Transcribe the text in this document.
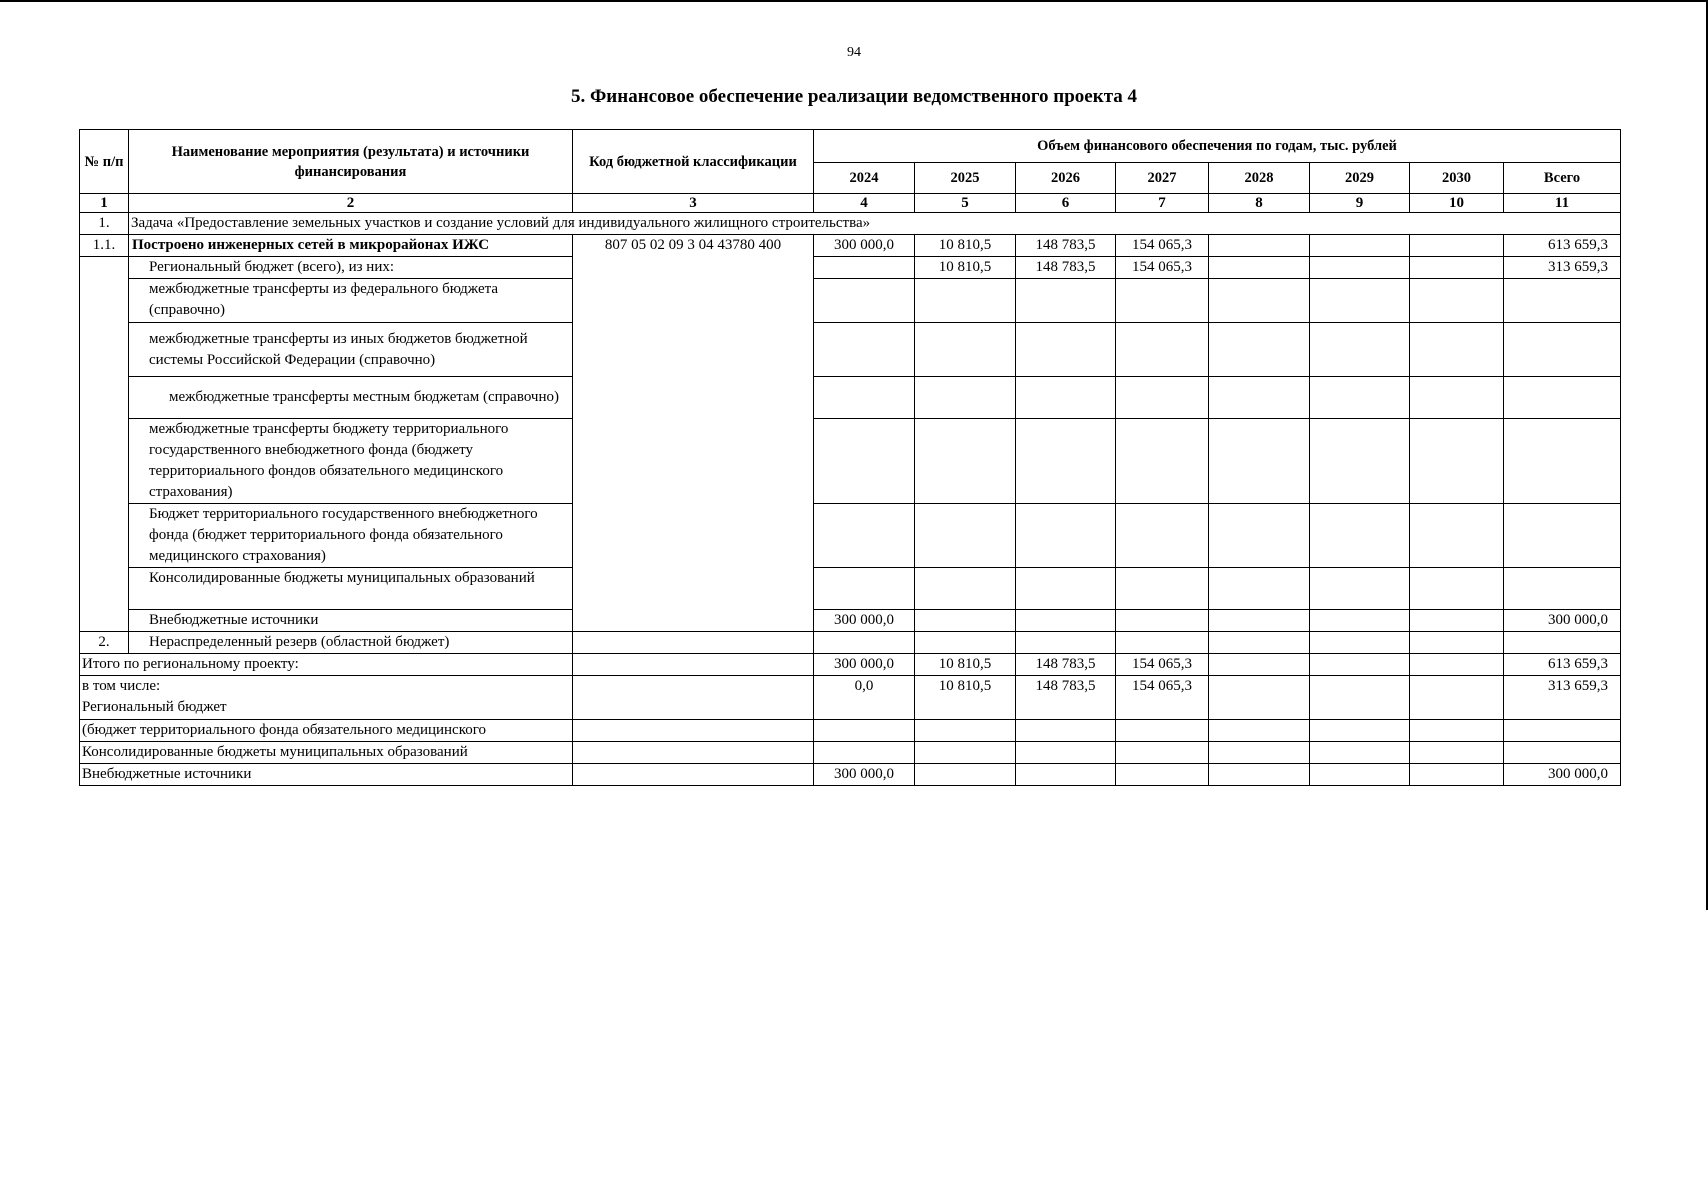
94
5. Финансовое обеспечение реализации ведомственного проекта 4
№ п/п	Наименование мероприятия (результата) и источники финансирования	Код бюджетной классификации	Объем финансового обеспечения по годам, тыс. рублей							
			2024	2025	2026	2027	2028	2029	2030	Всего
1	2	3	4	5	6	7	8	9	10	11
1.	Задача «Предоставление земельных участков и создание условий для индивидуального жилищного строительства»									
1.1.	Построено инженерных сетей в микрорайонах ИЖС	807 05 02 09 3 04 43780 400	300 000,0	10 810,5	148 783,5	154 065,3				613 659,3
	Региональный бюджет (всего), из них:			10 810,5	148 783,5	154 065,3				313 659,3
	межбюджетные трансферты из федерального бюджета (справочно)									
	межбюджетные трансферты из иных бюджетов бюджетной системы Российской Федерации (справочно)									
	межбюджетные трансферты местным бюджетам (справочно)									
	межбюджетные трансферты бюджету территориального государственного внебюджетного фонда (бюджету территориального фондов обязательного медицинского страхования)									
	Бюджет территориального государственного внебюджетного фонда (бюджет территориального фонда обязательного медицинского страхования)									
	Консолидированные бюджеты муниципальных образований									
	Внебюджетные источники		300 000,0							300 000,0
2.	Нераспределенный резерв (областной бюджет)									
Итого по региональному проекту:			300 000,0	10 810,5	148 783,5	154 065,3				613 659,3

в том числе:
Региональный бюджет			0,0	10 810,5	148 783,5	154 065,3				313 659,3
(бюджет территориального фонда обязательного медицинского										
Консолидированные бюджеты муниципальных образований										
Внебюджетные источники			300 000,0							300 000,0
